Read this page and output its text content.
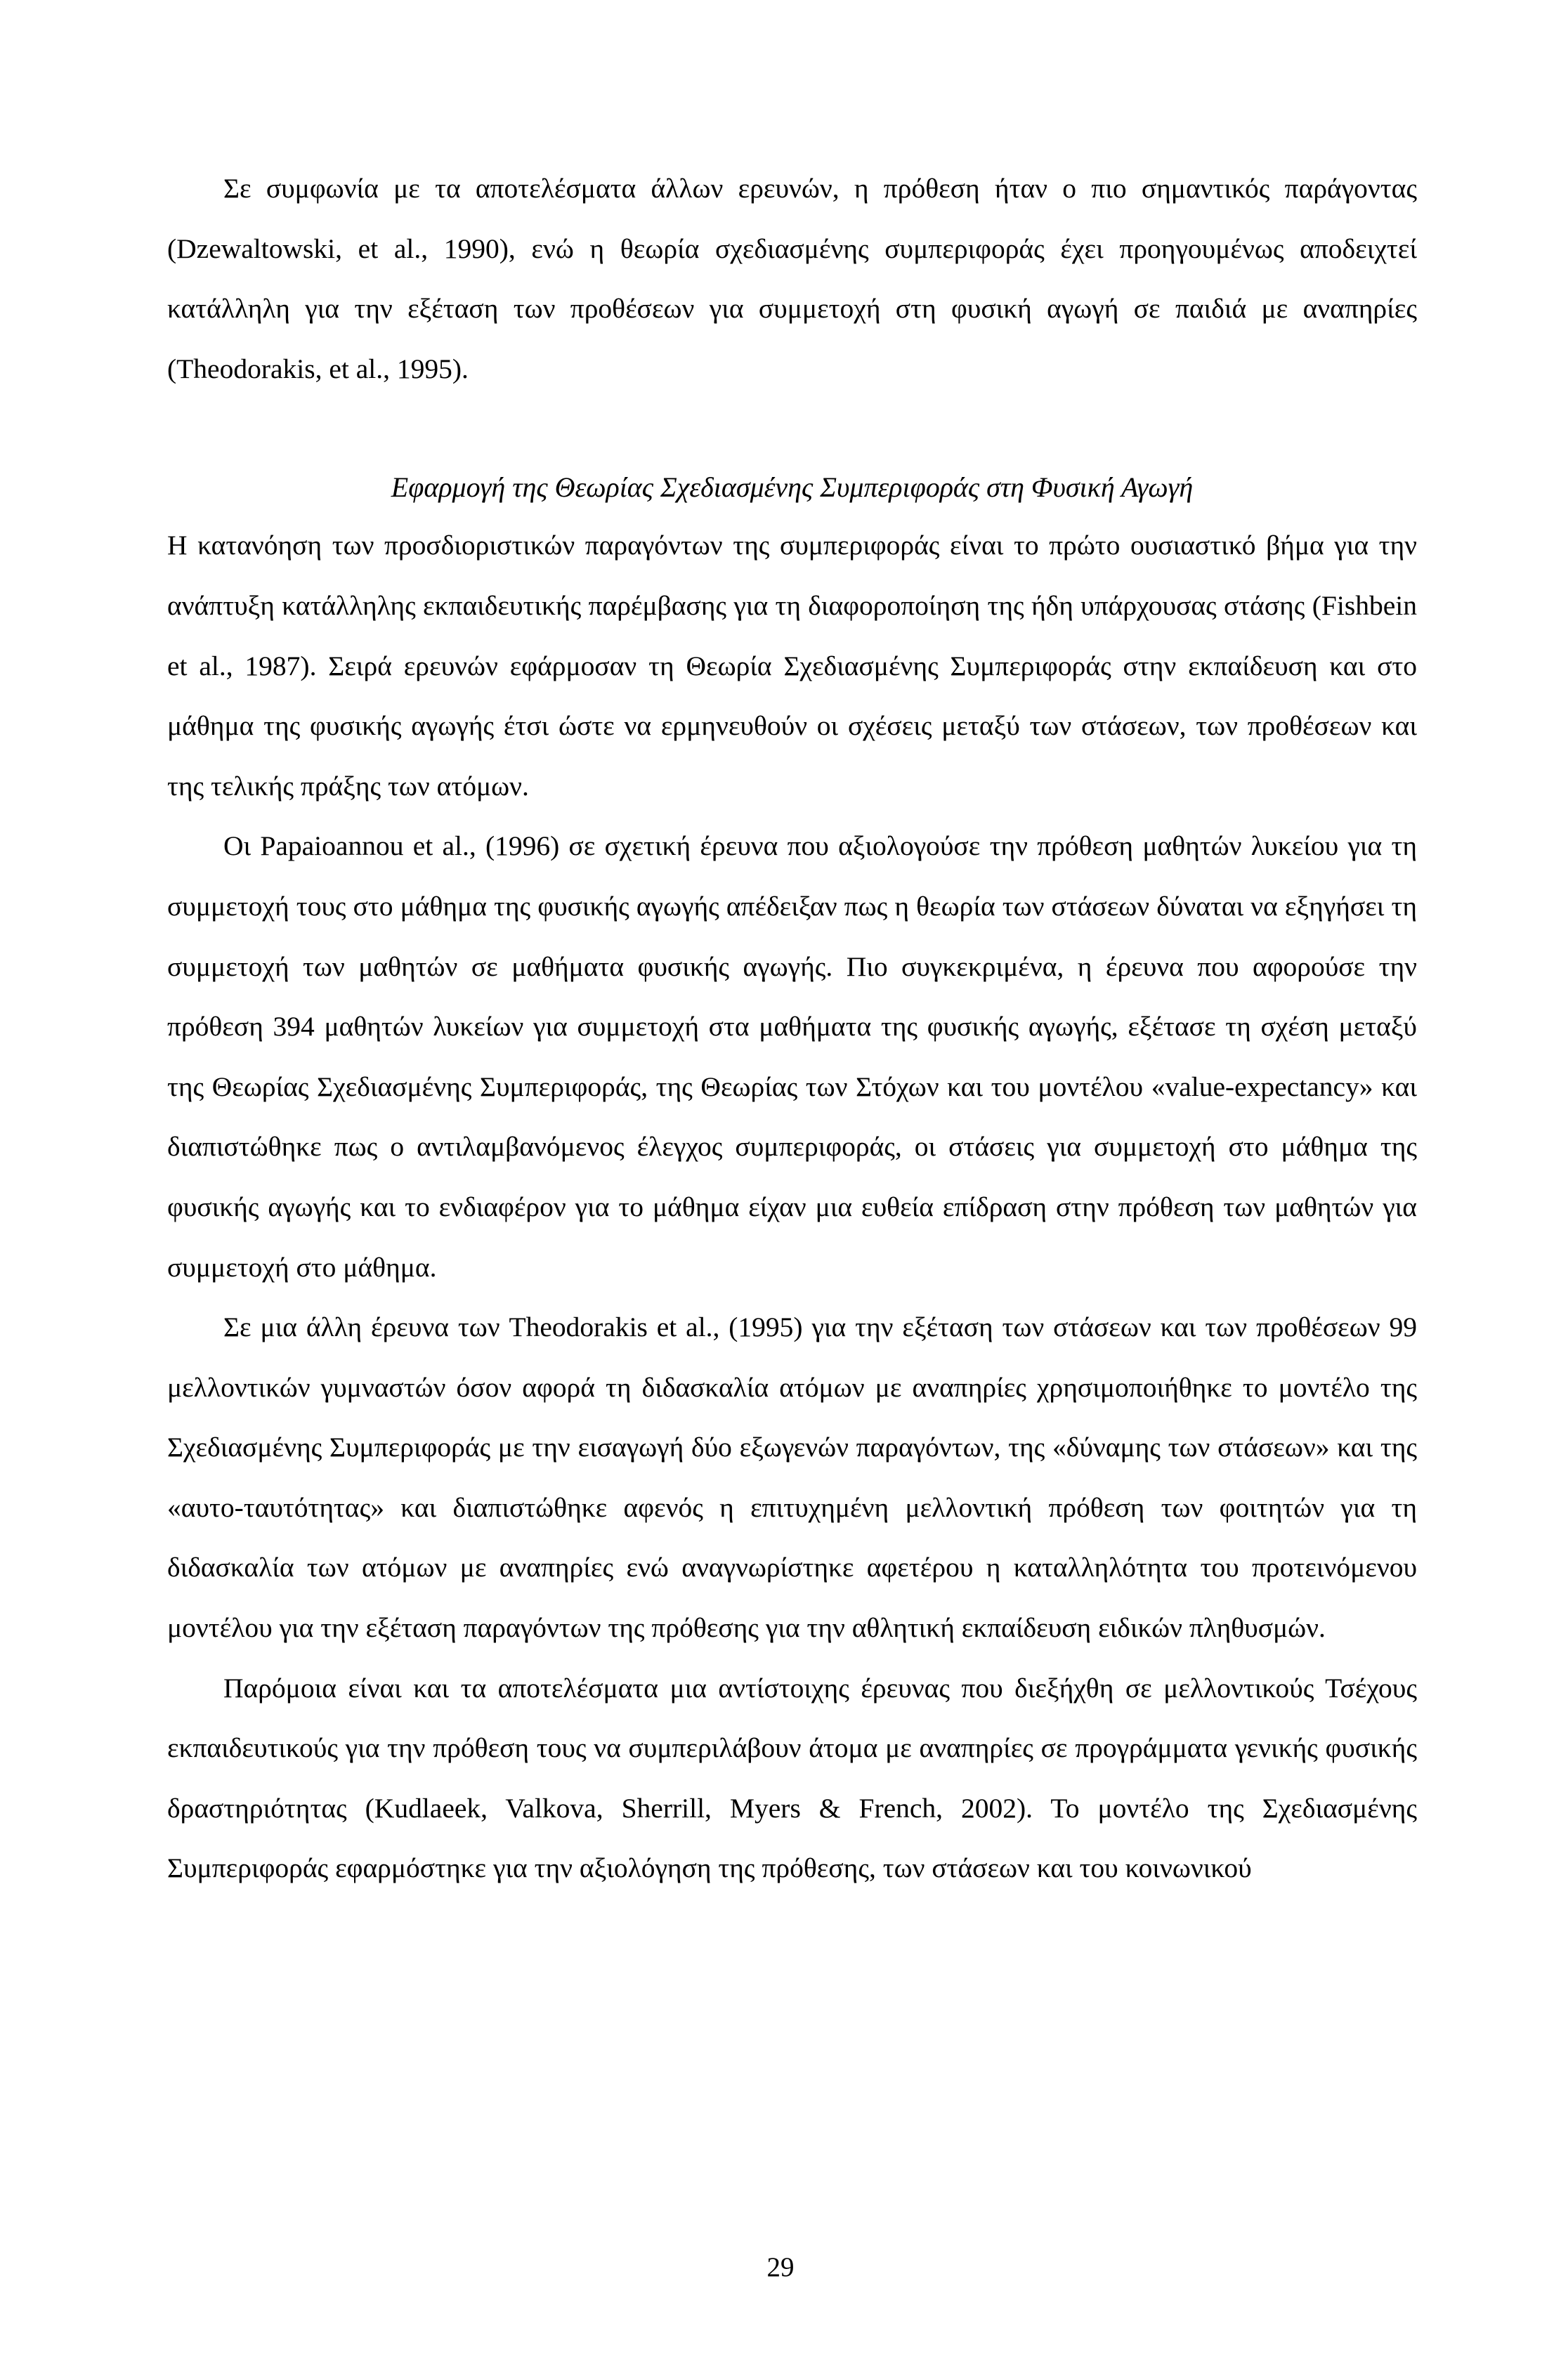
Σε συμφωνία με τα αποτελέσματα άλλων ερευνών, η πρόθεση ήταν ο πιο σημαντικός παράγοντας (Dzewaltowski, et al., 1990), ενώ η θεωρία σχεδιασμένης συμπεριφοράς έχει προηγουμένως αποδειχτεί κατάλληλη για την εξέταση των προθέσεων για συμμετοχή στη φυσική αγωγή σε παιδιά με αναπηρίες (Theodorakis, et al., 1995).

Εφαρμογή της Θεωρίας Σχεδιασμένης Συμπεριφοράς στη Φυσική Αγωγή

Η κατανόηση των προσδιοριστικών παραγόντων της συμπεριφοράς είναι το πρώτο ουσιαστικό βήμα για την ανάπτυξη κατάλληλης εκπαιδευτικής παρέμβασης για τη διαφοροποίηση της ήδη υπάρχουσας στάσης (Fishbein et al., 1987). Σειρά ερευνών εφάρμοσαν τη Θεωρία Σχεδιασμένης Συμπεριφοράς στην εκπαίδευση και στο μάθημα της φυσικής αγωγής έτσι ώστε να ερμηνευθούν οι σχέσεις μεταξύ των στάσεων, των προθέσεων και της τελικής πράξης των ατόμων.

Οι Papaioannou et al., (1996) σε σχετική έρευνα που αξιολογούσε την πρόθεση μαθητών λυκείου για τη συμμετοχή τους στο μάθημα της φυσικής αγωγής απέδειξαν πως η θεωρία των στάσεων δύναται να εξηγήσει τη συμμετοχή των μαθητών σε μαθήματα φυσικής αγωγής. Πιο συγκεκριμένα, η έρευνα που αφορούσε την πρόθεση 394 μαθητών λυκείων για συμμετοχή στα μαθήματα της φυσικής αγωγής, εξέτασε τη σχέση μεταξύ της Θεωρίας Σχεδιασμένης Συμπεριφοράς, της Θεωρίας των Στόχων και του μοντέλου «value-expectancy» και διαπιστώθηκε πως ο αντιλαμβανόμενος έλεγχος συμπεριφοράς, οι στάσεις για συμμετοχή στο μάθημα της φυσικής αγωγής και το ενδιαφέρον για το μάθημα είχαν μια ευθεία επίδραση στην πρόθεση των μαθητών για συμμετοχή στο μάθημα.

Σε μια άλλη έρευνα των Theodorakis et al., (1995) για την εξέταση των στάσεων και των προθέσεων 99 μελλοντικών γυμναστών όσον αφορά τη διδασκαλία ατόμων με αναπηρίες χρησιμοποιήθηκε το μοντέλο της Σχεδιασμένης Συμπεριφοράς με την εισαγωγή δύο εξωγενών παραγόντων, της «δύναμης των στάσεων» και της «αυτο-ταυτότητας» και διαπιστώθηκε αφενός η επιτυχημένη μελλοντική πρόθεση των φοιτητών για τη διδασκαλία των ατόμων με αναπηρίες ενώ αναγνωρίστηκε αφετέρου η καταλληλότητα του προτεινόμενου μοντέλου για την εξέταση παραγόντων της πρόθεσης για την αθλητική εκπαίδευση ειδικών πληθυσμών.

Παρόμοια είναι και τα αποτελέσματα μια αντίστοιχης έρευνας που διεξήχθη σε μελλοντικούς Τσέχους εκπαιδευτικούς για την πρόθεση τους να συμπεριλάβουν άτομα με αναπηρίες σε προγράμματα γενικής φυσικής δραστηριότητας (Kudlaeek, Valkova, Sherrill, Myers & French, 2002). Το μοντέλο της Σχεδιασμένης Συμπεριφοράς εφαρμόστηκε για την αξιολόγηση της πρόθεσης, των στάσεων και του κοινωνικού

29
